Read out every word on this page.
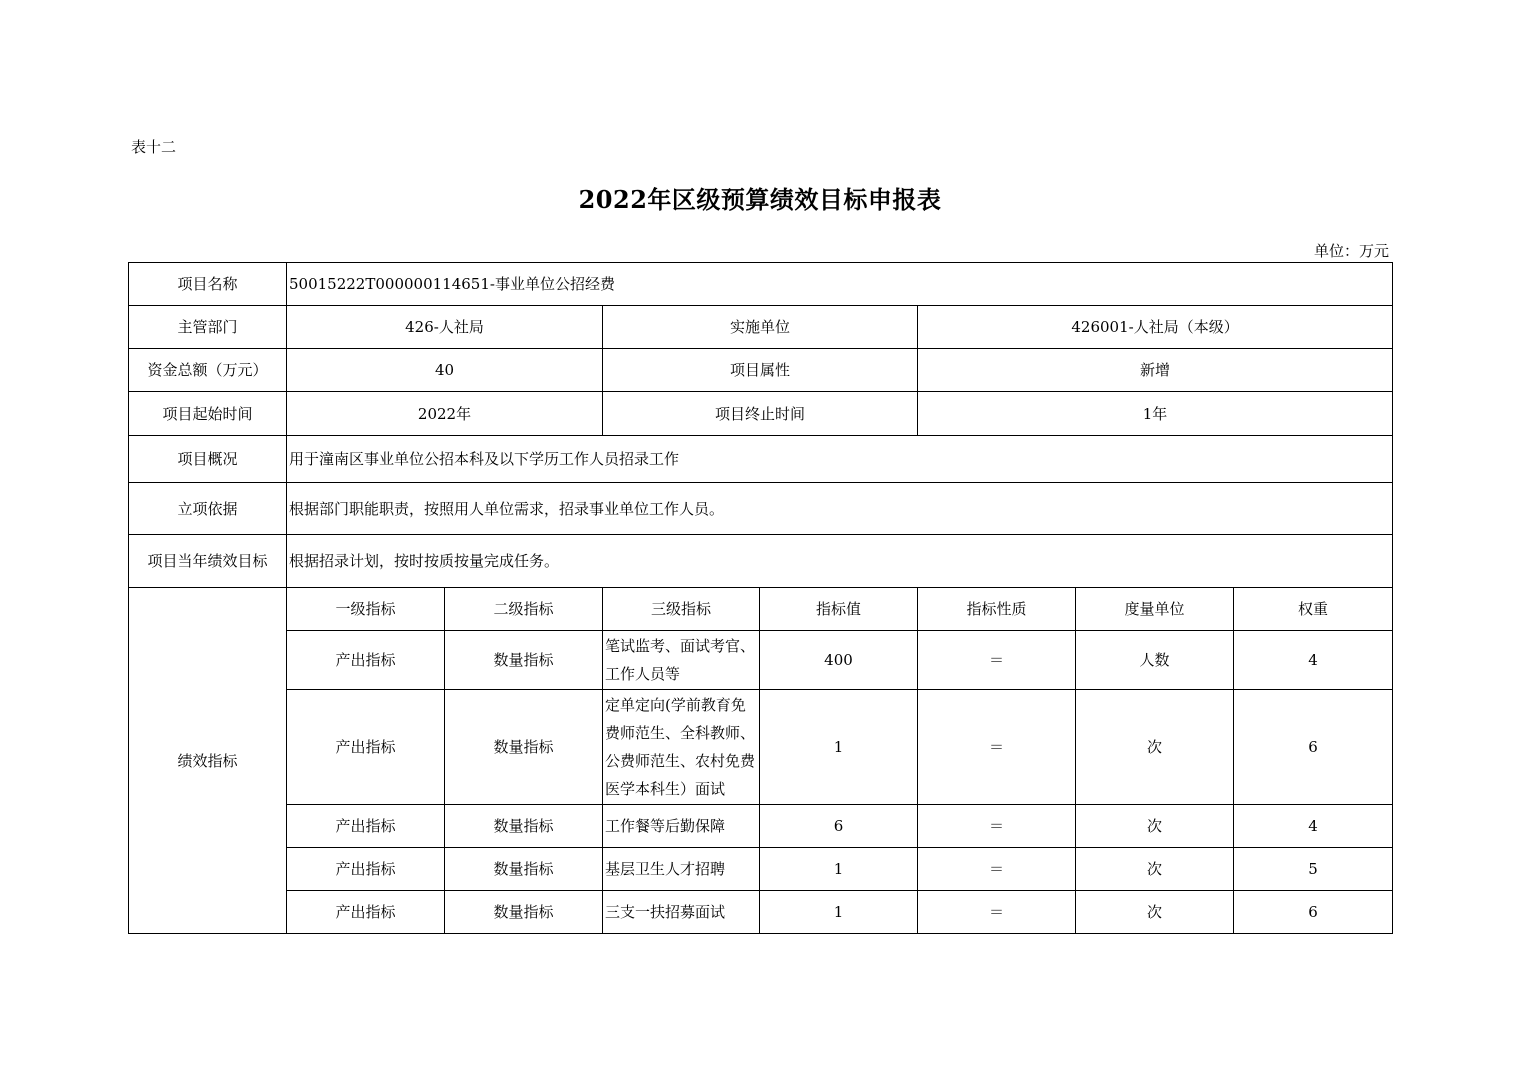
表十二
2022年区级预算绩效目标申报表
单位：万元
项目名称	50015222T000000114651-事业单位公招经费						
主管部门	426-人社局		实施单位		426001-人社局（本级）		
资金总额（万元）	40		项目属性		新增		
项目起始时间	2022年		项目终止时间		1年		
项目概况	用于潼南区事业单位公招本科及以下学历工作人员招录工作						
立项依据	根据部门职能职责，按照用人单位需求，招录事业单位工作人员。						
项目当年绩效目标	根据招录计划，按时按质按量完成任务。						
绩效指标	一级指标	二级指标	三级指标	指标值	指标性质	度量单位	权重
	产出指标	数量指标	笔试监考、面试考官、工作人员等	400	＝	人数	4
	产出指标	数量指标	定单定向(学前教育免费师范生、全科教师、公费师范生、农村免费医学本科生）面试	1	＝	次	6
	产出指标	数量指标	工作餐等后勤保障	6	＝	次	4
	产出指标	数量指标	基层卫生人才招聘	1	＝	次	5
	产出指标	数量指标	三支一扶招募面试	1	＝	次	6
